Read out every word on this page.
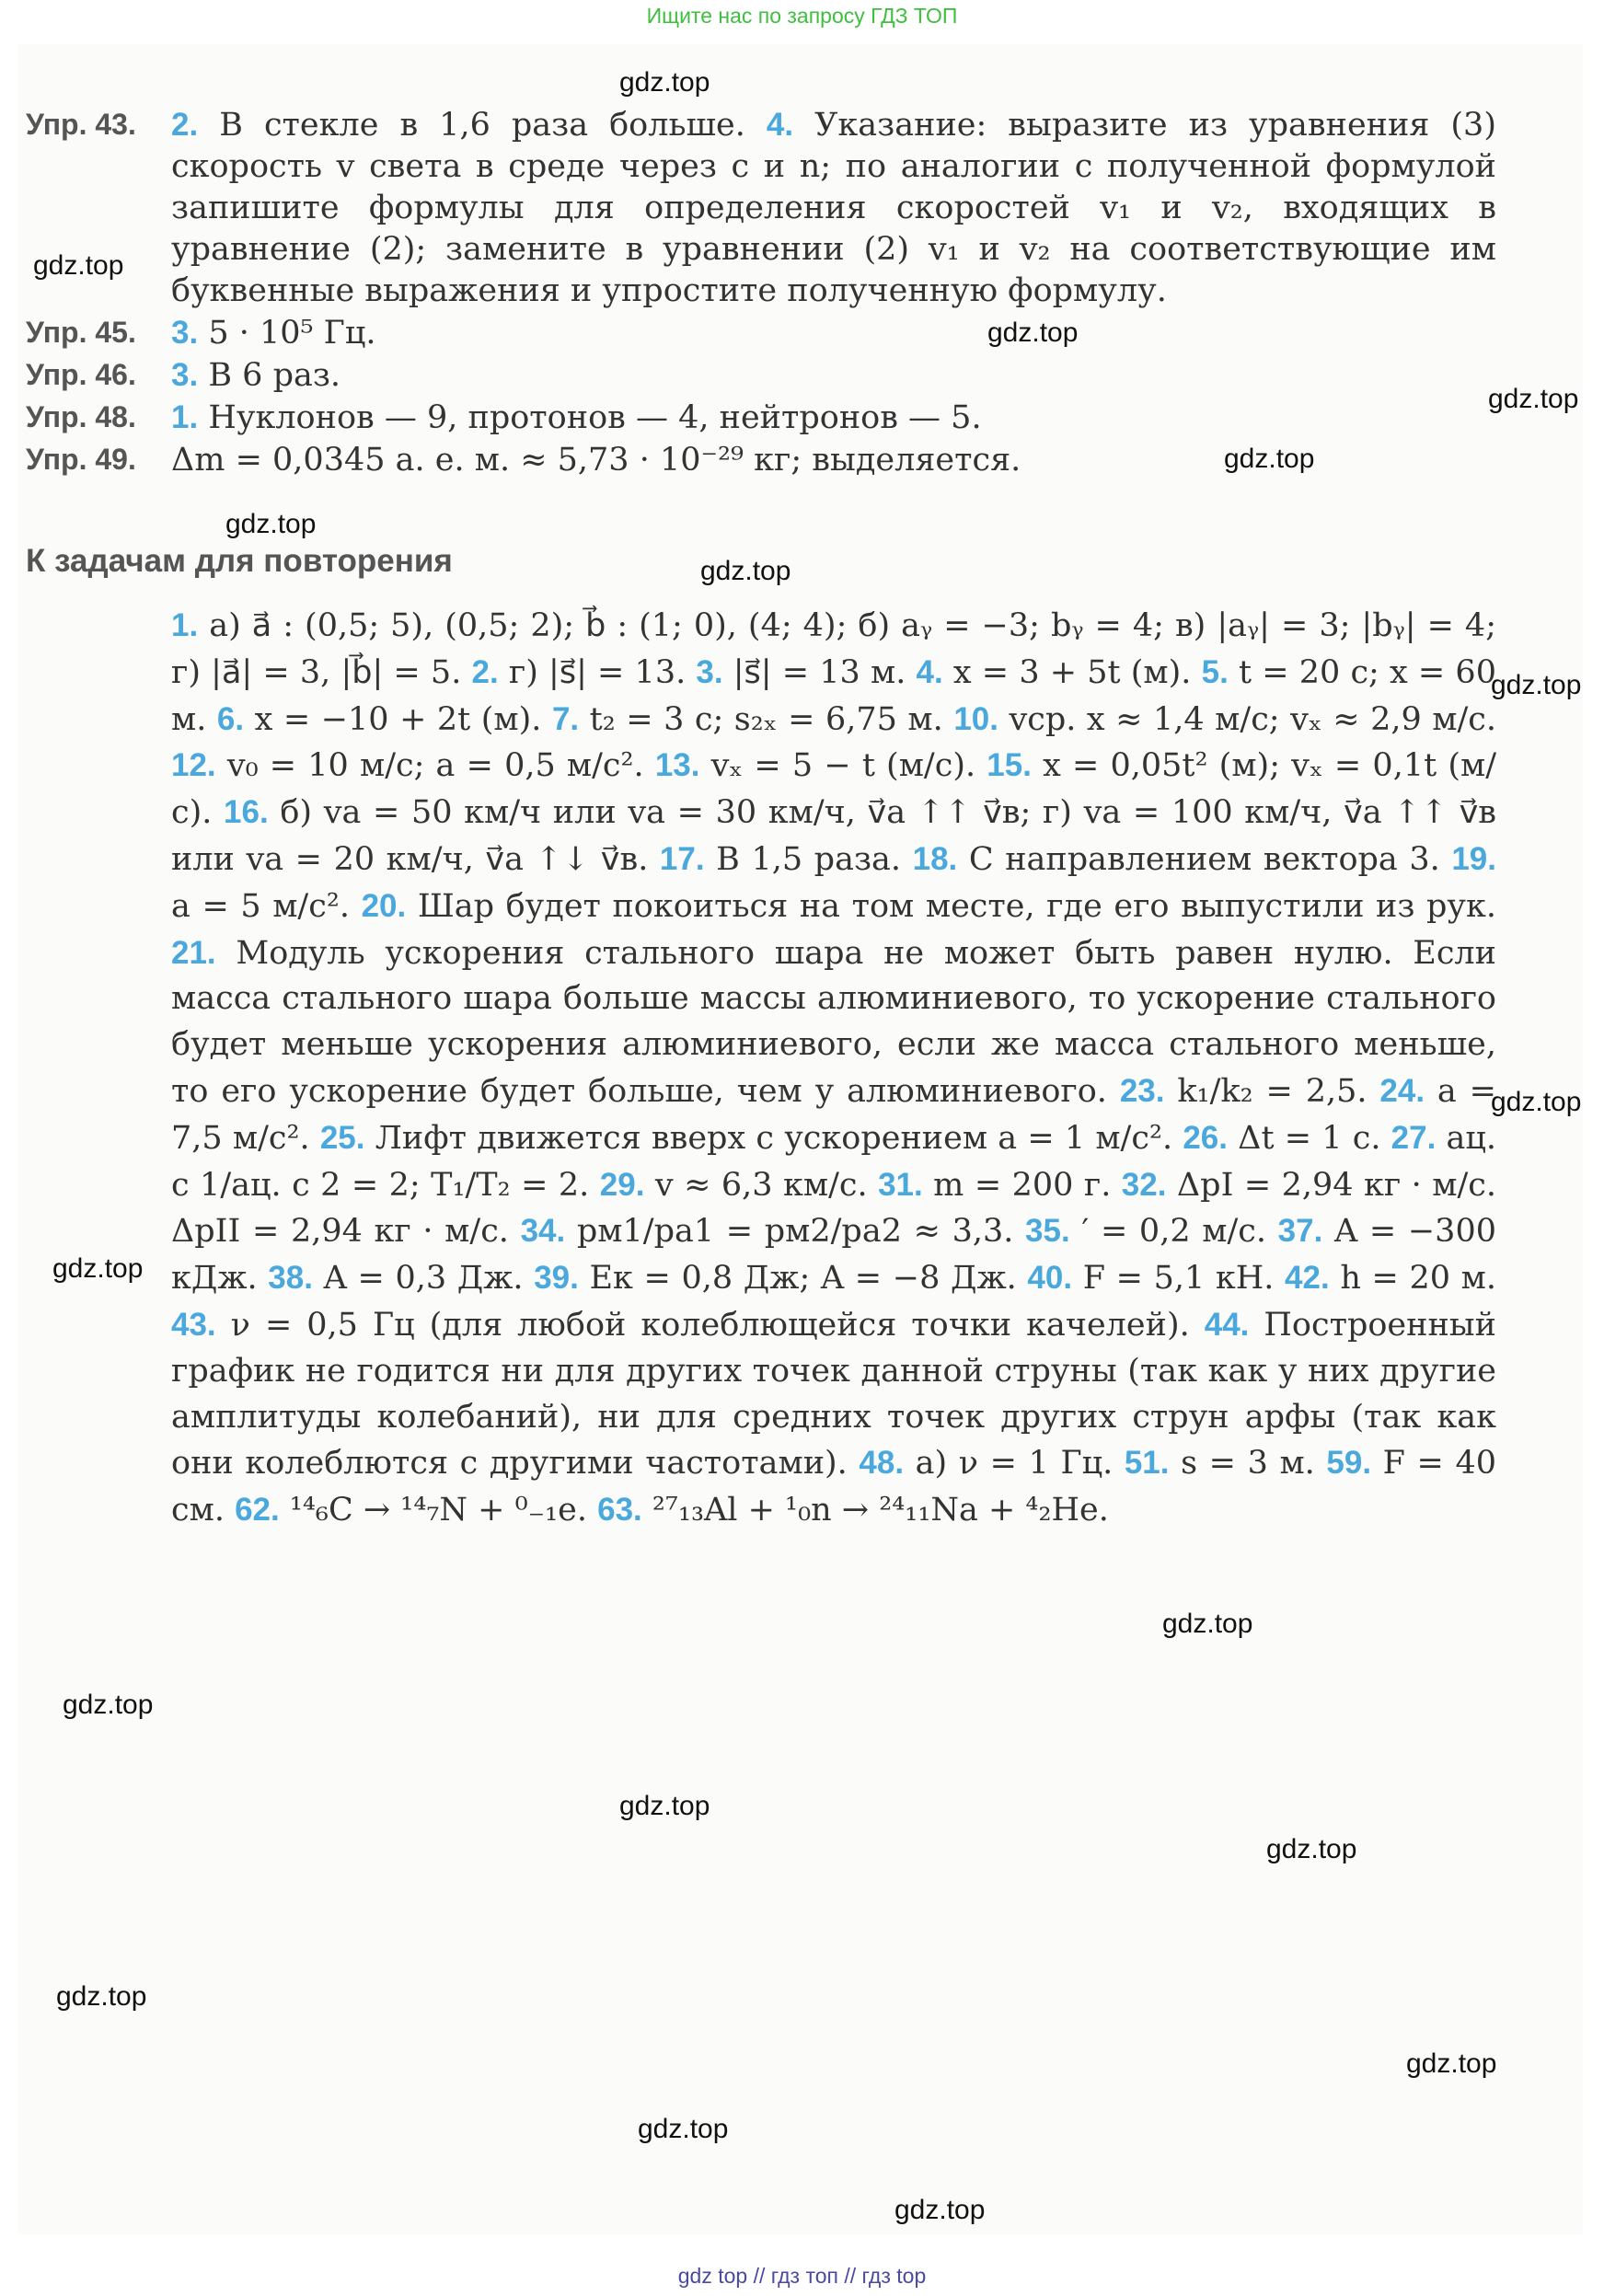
Ищите нас по запросу ГДЗ ТОП
gdz.top
gdz.top
gdz.top
gdz.top
gdz.top
gdz.top
gdz.top
gdz.top
gdz.top
gdz.top
gdz.top
gdz.top
gdz.top
gdz.top
gdz.top
gdz.top
gdz.top
gdz.top
Упр. 43.	2. В стекле в 1,6 раза больше. 4. Указание: выразите из уравнения (3) скорость v света в среде через c и n; по аналогии с полученной формулой запишите формулы для определения скоростей v₁ и v₂, входящих в уравнение (2); замените в уравнении (2) v₁ и v₂ на соответствующие им буквенные выражения и упростите полученную формулу.
Упр. 45.	3. 5 · 10⁵ Гц.
Упр. 46.	3. В 6 раз.
Упр. 48.	1. Нуклонов — 9, протонов — 4, нейтронов — 5.
Упр. 49.	Δm = 0,0345 а. е. м. ≈ 5,73 · 10⁻²⁹ кг; выделяется.
К задачам для повторения
1. а) a⃗ : (0,5; 5), (0,5; 2); b⃗ : (1; 0), (4; 4); б) aᵧ = −3; bᵧ = 4; в) |aᵧ| = 3; |bᵧ| = 4; г) |a⃗| = 3, |b⃗| = 5. 2. г) |s⃗| = 13. 3. |s⃗| = 13 м. 4. x = 3 + 5t (м). 5. t = 20 с; x = 60 м. 6. x = −10 + 2t (м). 7. t₂ = 3 с; s₂ₓ = 6,75 м. 10. vср. x ≈ 1,4 м/с; vₓ ≈ 2,9 м/с. 12. v₀ = 10 м/с; a = 0,5 м/с². 13. vₓ = 5 − t (м/с). 15. x = 0,05t² (м); vₓ = 0,1t (м/с). 16. б) vа = 50 км/ч или vа = 30 км/ч, v⃗а ↑↑ v⃗в; г) vа = 100 км/ч, v⃗а ↑↑ v⃗в или vа = 20 км/ч, v⃗а ↑↓ v⃗в. 17. В 1,5 раза. 18. С направлением вектора 3. 19. a = 5 м/с². 20. Шар будет покоиться на том месте, где его выпустили из рук. 21. Модуль ускорения стального шара не может быть равен нулю. Если масса стального шара больше массы алюминиевого, то ускорение стального будет меньше ускорения алюминиевого, если же масса стального меньше, то его ускорение будет больше, чем у алюминиевого. 23. k₁/k₂ = 2,5. 24. a = 7,5 м/с². 25. Лифт движется вверх с ускорением a = 1 м/с². 26. Δt = 1 с. 27. aц. с 1/aц. с 2 = 2; T₁/T₂ = 2. 29. v ≈ 6,3 км/с. 31. m = 200 г. 32. ΔpI = 2,94 кг · м/с. ΔpII = 2,94 кг · м/с. 34. pм1/pа1 = pм2/pа2 ≈ 3,3. 35. ′ = 0,2 м/с. 37. A = −300 кДж. 38. A = 0,3 Дж. 39. Eк = 0,8 Дж; A = −8 Дж. 40. F = 5,1 кН. 42. h = 20 м. 43. ν = 0,5 Гц (для любой колеблющейся точки качелей). 44. Построенный график не годится ни для других точек данной струны (так как у них другие амплитуды колебаний), ни для средних точек других струн арфы (так как они колеблются с другими частотами). 48. а) ν = 1 Гц. 51. s = 3 м. 59. F = 40 см. 62. ¹⁴₆C → ¹⁴₇N + ⁰₋₁e. 63. ²⁷₁₃Al + ¹₀n → ²⁴₁₁Na + ⁴₂He.
gdz top // гдз топ // гдз top
